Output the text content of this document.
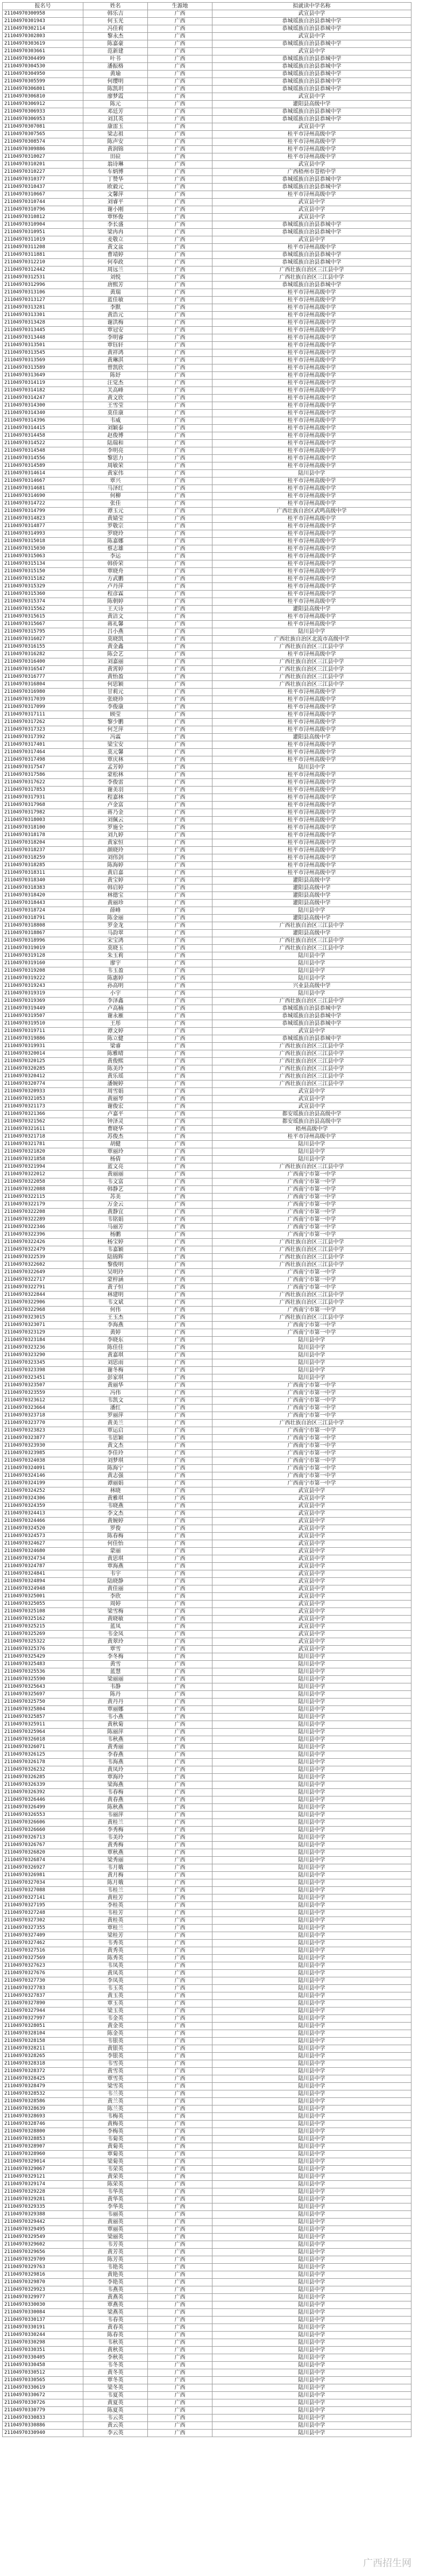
报名号	姓名	生源地	拟就读中学名称
21104970300958	韩乐吉	广西	武宣县中学
21104970301943	何玉光	广西	恭城瑶族自治县恭城中学
21104970302114	冯佳莉	广西	恭城瑶族自治县恭城中学
21104970302803	黎永杰	广西	武宣县中学
21104970303619	陈嘉豪	广西	恭城瑶族自治县恭城中学
21104970303661	范新建	广西	武宣县中学
21104970304499	叶书	广西	恭城瑶族自治县恭城中学
21104970304530	潘振格	广西	恭城瑶族自治县恭城中学
21104970304950	黄瑜	广西	恭城瑶族自治县恭城中学
21104970305599	何缨明	广西	恭城瑶族自治县恭城中学
21104970306801	陈凯玥	广西	恭城瑶族自治县恭城中学
21104970306810	廖梦霞	广西	武宣县中学
21104970306912	陈元	广西	灌阳县高级中学
21104970306933	邓廷芳	广西	恭城瑶族自治县恭城中学
21104970306953	刘其英	广西	恭城瑶族自治县恭城中学
21104970307081	康雷玉	广西	武宣县中学
21104970307565	梁志祖	广西	桂平市浔州高级中学
21104970308574	陈声安	广西	桂平市浔州高级中学
21104970309886	黄润锦	广西	桂平市浔州高级中学
21104970310027	田砬	广西	桂平市浔州高级中学
21104970310201	翁诗琳	广西	武宣县中学
21104970310227	车炳博	广西	广西梧州市苍梧中学
21104970310377	丁赞华	广西	恭城瑶族自治县恭城中学
21104970310437	欧毅元	广西	恭城瑶族自治县恭城中学
21104970310667	文馨萍	广西	桂平市浔州高级中学
21104970310744	刘睿平	广西	武宣县中学
21104970310796	谢小刚	广西	武宣县中学
21104970310812	覃怀俊	广西	武宣县中学
21104970310904	李长盛	广西	恭城瑶族自治县恭城中学
21104970310951	梁冉冉	广西	恭城瑶族自治县恭城中学
21104970311019	麦敬立	广西	武宣县中学
21104970311208	黄文盆	广西	桂平市浔州高级中学
21104970311881	曹靖婷	广西	恭城瑶族自治县恭城中学
21104970312210	何奉政	广西	恭城瑶族自治县恭城中学
21104970312442	周远兰	广西	广西壮族自治区三江县中学
21104970312531	刘悦	广西	广西壮族自治区三江县中学
21104970312996	唐熙芳	广西	恭城瑶族自治县恭城中学
21104970313106	黄瑞	广西	桂平市浔州高级中学
21104970313127	蓝佳敏	广西	桂平市浔州高级中学
21104970313281	李默	广西	桂平市浔州高级中学
21104970313301	黄浩元	广西	桂平市浔州高级中学
21104970313428	谢洪梅	广西	桂平市浔州高级中学
21104970313445	覃冠安	广西	桂平市浔州高级中学
21104970313448	李明睿	广西	桂平市浔州高级中学
21104970313501	覃钰轩	广西	桂平市浔州高级中学
21104970313545	黄祥鸿	广西	桂平市浔州高级中学
21104970313569	黄琳淇	广西	桂平市浔州高级中学
21104970313589	曾凯欣	广西	桂平市浔州高级中学
21104970313649	陈妤	广西	桂平市浔州高级中学
21104970314119	汪觉杰	广西	桂平市浔州高级中学
21104970314182	关高峰	广西	桂平市浔州高级中学
21104970314247	黄文欣	广西	桂平市浔州高级中学
21104970314300	王雪莹	广西	桂平市浔州高级中学
21104970314340	莫佳康	广西	桂平市浔州高级中学
21104970314396	韦威	广西	桂平市浔州高级中学
21104970314415	刘颖泰	广西	桂平市浔州高级中学
21104970314458	赵俊博	广西	桂平市浔州高级中学
21104970314522	陆瑞和	广西	桂平市浔州高级中学
21104970314548	李明亮	广西	桂平市浔州高级中学
21104970314556	黎思力	广西	桂平市浔州高级中学
21104970314589	周敏荣	广西	桂平市浔州高级中学
21104970314614	黄家伟	广西	陆川县中学
21104970314667	覃兴	广西	桂平市浔州高级中学
21104970314681	马泽红	广西	桂平市浔州高级中学
21104970314690	何柳	广西	桂平市浔州高级中学
21104970314722	张佳	广西	桂平市浔州高级中学
21104970314799	谭玉元	广西	广西壮族自治区武鸣高级中学
21104970314823	黄婧莹	广西	桂平市浔州高级中学
21104970314877	罗敬宗	广西	桂平市浔州高级中学
21104970314993	罗晓玲	广西	桂平市浔州高级中学
21104970315018	陈嘉娜	广西	桂平市浔州高级中学
21104970315030	蔡志雄	广西	桂平市浔州高级中学
21104970315063	李运	广西	桂平市浔州高级中学
21104970315134	韩侨荣	广西	桂平市浔州高级中学
21104970315150	覃晓舟	广西	桂平市浔州高级中学
21104970315182	方武鹏	广西	桂平市浔州高级中学
21104970315329	卢丹萍	广西	桂平市浔州高级中学
21104970315360	程彦霖	广西	桂平市浔州高级中学
21104970315374	陈朝婷	广西	桂平市浔州高级中学
21104970315562	王天诗	广西	灌阳县高级中学
21104970315615	黄洁文	广西	桂平市浔州高级中学
21104970315667	蒋礼馨	广西	桂平市浔州高级中学
21104970315795	吕小燕	广西	陆川县中学
21104970316027	莫晓凯	广西	广西壮族自治区北流市高级中学
21104970316155	黄金鑫	广西	广西壮族自治区三江县中学
21104970316282	陈会艺	广西	桂平市浔州高级中学
21104970316400	刘嘉丽	广西	广西壮族自治区三江县中学
21104970316547	黄霄婷	广西	广西壮族自治区三江县中学
21104970316777	黄怡盈	广西	广西壮族自治区三江县中学
21104970316804	何思颖	广西	广西壮族自治区三江县中学
21104970316980	甘莉元	广西	桂平市浔州高级中学
21104970317039	张晓珍	广西	桂平市浔州高级中学
21104970317099	李俊康	广西	桂平市浔州高级中学
21104970317111	顾莹	广西	桂平市浔州高级中学
21104970317262	黎少鹏	广西	桂平市浔州高级中学
21104970317323	何芝萍	广西	桂平市浔州高级中学
21104970317392	冯霖	广西	灌阳县高级中学
21104970317401	梁宝安	广西	桂平市浔州高级中学
21104970317464	莫元馨	广西	桂平市浔州高级中学
21104970317498	覃庆林	广西	桂平市浔州高级中学
21104970317547	孟芳婷	广西	陆川县中学
21104970317586	蒙松林	广西	桂平市浔州高级中学
21104970317622	李俊雷	广西	桂平市浔州高级中学
21104970317853	谢美羽	广西	桂平市浔州高级中学
21104970317931	程嘉林	广西	桂平市浔州高级中学
21104970317968	卢金富	广西	桂平市浔州高级中学
21104970317982	蒋乃金	广西	桂平市浔州高级中学
21104970318003	刘佩云	广西	桂平市浔州高级中学
21104970318100	罗施全	广西	桂平市浔州高级中学
21104970318178	刘九婷	广西	桂平市浔州高级中学
21104970318204	黄家恒	广西	桂平市浔州高级中学
21104970318237	颜晓玲	广西	桂平市浔州高级中学
21104970318259	刘伟剑	广西	桂平市浔州高级中学
21104970318285	陈海婷	广西	桂平市浔州高级中学
21104970318311	黄启嘉	广西	桂平市浔州高级中学
21104970318340	黄宝婷	广西	灌阳县高级中学
21104970318383	韩启婷	广西	灌阳县高级中学
21104970318420	林德宝	广西	灌阳县高级中学
21104970318443	黄丽珍	广西	灌阳县高级中学
21104970318724	薛峰	广西	陆川县中学
21104970318791	陈金丽	广西	灌阳县高级中学
21104970318808	罗金龙	广西	广西壮族自治区三江县中学
21104970318867	马韵翠	广西	灌阳县高级中学
21104970318996	宋宝鸿	广西	广西壮族自治区三江县中学
21104970319019	莫晓玉	广西	广西壮族自治区三江县中学
21104970319128	朱玉莉	广西	陆川县中学
21104970319160	廖宇	广西	陆川县中学
21104970319208	韦玉盈	广西	陆川县中学
21104970319222	陈惠婷	广西	陆川县中学
21104970319243	孙高明	广西	兴业县高级中学
21104970319319	小宇	广西	陆川县中学
21104970319369	李泽鑫	广西	广西壮族自治区三江县中学
21104970319449	卢高楠	广西	恭城瑶族自治县恭城中学
21104970319507	谢永雁	广西	恭城瑶族自治县恭城中学
21104970319510	王彤	广西	恭城瑶族自治县恭城中学
21104970319711	谭文婷	广西	武宣县中学
21104970319886	陈立健	广西	恭城瑶族自治县恭城中学
21104970319931	梁睿	广西	广西壮族自治区三江县中学
21104970320014	陈雅晴	广西	广西壮族自治区三江县中学
21104970320125	黄俊熙	广西	广西壮族自治区三江县中学
21104970320285	陈美玲	广西	广西壮族自治区三江县中学
21104970320412	黄乐瑶	广西	广西壮族自治区三江县中学
21104970320774	潘婉婷	广西	广西壮族自治区三江县中学
21104970320933	周雪娟	广西	武宣县中学
21104970321053	黄丽琴	广西	武宣县中学
21104970321173	谢俊宏	广西	武宣县中学
21104970321366	卢嘉平	广西	都安瑶族自治县高级中学
21104970321562	钟泽灵	广西	都安瑶族自治县高级中学
21104970321611	曹晓华	广西	梧州高级中学
21104970321718	苏俊杰	广西	桂平市浔州高级中学
21104970321781	胡健	广西	陆川县中学
21104970321820	覃丽玲	广西	陆川县中学
21104970321858	杨倩	广西	陆川县中学
21104970321994	蓝文亮	广西	广西壮族自治区三江县中学
21104970322012	黄丽丽	广西	广西南宁市第一中学
21104970322058	韦文富	广西	广西南宁市第一中学
21104970322088	韩静艺	广西	广西南宁市第一中学
21104970322115	苏美	广西	广西南宁市第一中学
21104970322179	万金云	广西	广西南宁市第一中学
21104970322208	黄静宜	广西	广西南宁市第一中学
21104970322289	韦铭娟	广西	广西南宁市第一中学
21104970322346	马丽芳	广西	广西南宁市第一中学
21104970322396	杨鹏	广西	广西南宁市第一中学
21104970322426	杨宝婷	广西	广西壮族自治区三江县中学
21104970322479	韦嘉颖	广西	广西壮族自治区三江县中学
21104970322539	陆锦辉	广西	广西壮族自治区三江县中学
21104970322602	黎俊明	广西	广西壮族自治区三江县中学
21104970322649	吴明玲	广西	广西南宁市第一中学
21104970322717	蒙梓涵	广西	广西南宁市第一中学
21104970322791	黄子恒	广西	广西南宁市第一中学
21104970322844	林建明	广西	广西壮族自治区三江县中学
21104970322906	韦文斌	广西	广西壮族自治区三江县中学
21104970322968	何伟	广西	广西南宁市第一中学
21104970323015	王玉杰	广西	广西壮族自治区三江县中学
21104970323071	李海燕	广西	广西南宁市第一中学
21104970323129	黄婷	广西	广西南宁市第一中学
21104970323184	李晓东	广西	陆川县中学
21104970323236	陈佳佳	广西	陆川县中学
21104970323290	黄嘉琪	广西	陆川县中学
21104970323345	刘思雨	广西	陆川县中学
21104970323398	谢冬梅	广西	陆川县中学
21104970323451	彭家琪	广西	陆川县中学
21104970323507	黄丽华	广西	广西南宁市第一中学
21104970323559	冯伟	广西	广西南宁市第一中学
21104970323612	韦凯文	广西	广西南宁市第一中学
21104970323664	潘红	广西	广西南宁市第一中学
21104970323718	罗丽萍	广西	广西南宁市第一中学
21104970323770	黄美兰	广西	广西壮族自治区三江县中学
21104970323823	覃运启	广西	广西南宁市第一中学
21104970323877	韦思颖	广西	广西南宁市第一中学
21104970323930	黄文杰	广西	广西南宁市第一中学
21104970323985	李佳玲	广西	广西南宁市第一中学
21104970324038	刘梦琪	广西	广西南宁市第一中学
21104970324091	陈海宁	广西	广西南宁市第一中学
21104970324146	黄志强	广西	广西南宁市第一中学
21104970324199	谭丽娟	广西	广西南宁市第一中学
21104970324252	林晓	广西	武宣县中学
21104970324306	黄雅琪	广西	武宣县中学
21104970324359	韦晓燕	广西	武宣县中学
21104970324413	李文杰	广西	武宣县中学
21104970324466	黄婉婷	广西	武宣县中学
21104970324520	罗俊	广西	武宣县中学
21104970324573	陈春梅	广西	武宣县中学
21104970324627	何佳怡	广西	武宣县中学
21104970324680	蒙丽	广西	武宣县中学
21104970324734	黄思琪	广西	武宣县中学
21104970324787	覃海燕	广西	武宣县中学
21104970324841	韦宇	广西	武宣县中学
21104970324894	陆晓静	广西	武宣县中学
21104970324948	黄佳丽	广西	武宣县中学
21104970325001	李欣	广西	武宣县中学
21104970325055	周婷	广西	武宣县中学
21104970325108	梁雪梅	广西	武宣县中学
21104970325162	黄晓敏	广西	武宣县中学
21104970325215	蓝凤	广西	武宣县中学
21104970325269	韦金凤	广西	武宣县中学
21104970325322	黄翠玲	广西	武宣县中学
21104970325376	覃雪	广西	武宣县中学
21104970325429	李冬梅	广西	陆川县中学
21104970325483	黄雪	广西	陆川县中学
21104970325536	蓝慧	广西	陆川县中学
21104970325590	梁丽丽	广西	陆川县中学
21104970325643	韦静	广西	陆川县中学
21104970325697	陈丹	广西	陆川县中学
21104970325750	黄丹丹	广西	陆川县中学
21104970325804	覃丽娜	广西	陆川县中学
21104970325857	韦小燕	广西	陆川县中学
21104970325911	黄秋菊	广西	陆川县中学
21104970325964	陈丽萍	广西	陆川县中学
21104970326018	韦秋燕	广西	陆川县中学
21104970326071	黄秀丽	广西	陆川县中学
21104970326125	李春燕	广西	陆川县中学
21104970326178	韦海燕	广西	陆川县中学
21104970326232	黄凤玲	广西	陆川县中学
21104970326285	覃海玲	广西	陆川县中学
21104970326339	梁海燕	广西	陆川县中学
21104970326392	韦春梅	广西	陆川县中学
21104970326446	黄春燕	广西	陆川县中学
21104970326499	陈秋燕	广西	陆川县中学
21104970326553	韦丽萍	广西	陆川县中学
21104970326606	黄桂兰	广西	陆川县中学
21104970326660	李秀梅	广西	陆川县中学
21104970326713	韦美玲	广西	陆川县中学
21104970326767	黄秀梅	广西	陆川县中学
21104970326820	覃秋燕	广西	陆川县中学
21104970326874	梁秀丽	广西	陆川县中学
21104970326927	韦月娥	广西	陆川县中学
21104970326981	黄月梅	广西	陆川县中学
21104970327034	陈月娥	广西	陆川县中学
21104970327088	韦桂兰	广西	陆川县中学
21104970327141	黄桂芳	广西	陆川县中学
21104970327195	李桂英	广西	陆川县中学
21104970327248	韦桂芳	广西	陆川县中学
21104970327302	黄桂英	广西	陆川县中学
21104970327355	覃桂兰	广西	陆川县中学
21104970327409	梁桂芳	广西	陆川县中学
21104970327462	韦秀英	广西	陆川县中学
21104970327516	黄秀英	广西	陆川县中学
21104970327569	陈秀英	广西	陆川县中学
21104970327623	韦凤英	广西	陆川县中学
21104970327676	黄凤英	广西	陆川县中学
21104970327730	李凤英	广西	陆川县中学
21104970327783	韦玉英	广西	陆川县中学
21104970327837	黄玉英	广西	陆川县中学
21104970327890	覃玉英	广西	陆川县中学
21104970327944	梁玉英	广西	陆川县中学
21104970327997	韦金英	广西	陆川县中学
21104970328051	黄金英	广西	陆川县中学
21104970328104	陈金英	广西	陆川县中学
21104970328158	韦银英	广西	陆川县中学
21104970328211	黄银英	广西	陆川县中学
21104970328265	李银英	广西	陆川县中学
21104970328318	韦雪英	广西	陆川县中学
21104970328372	黄雪英	广西	陆川县中学
21104970328425	覃雪英	广西	陆川县中学
21104970328479	梁雪英	广西	陆川县中学
21104970328532	韦兰英	广西	陆川县中学
21104970328586	黄兰英	广西	陆川县中学
21104970328639	陈兰英	广西	陆川县中学
21104970328693	韦梅英	广西	陆川县中学
21104970328746	黄梅英	广西	陆川县中学
21104970328800	李梅英	广西	陆川县中学
21104970328853	韦菊英	广西	陆川县中学
21104970328907	黄菊英	广西	陆川县中学
21104970328960	覃菊英	广西	陆川县中学
21104970329014	梁菊英	广西	陆川县中学
21104970329067	韦荣英	广西	陆川县中学
21104970329121	黄荣英	广西	陆川县中学
21104970329174	陈荣英	广西	陆川县中学
21104970329228	韦华英	广西	陆川县中学
21104970329281	黄华英	广西	陆川县中学
21104970329335	李华英	广西	陆川县中学
21104970329388	韦丽英	广西	陆川县中学
21104970329442	黄丽英	广西	陆川县中学
21104970329495	覃丽英	广西	陆川县中学
21104970329549	梁丽英	广西	陆川县中学
21104970329602	韦芳英	广西	陆川县中学
21104970329656	黄芳英	广西	陆川县中学
21104970329709	陈芳英	广西	陆川县中学
21104970329763	韦艳英	广西	陆川县中学
21104970329816	黄艳英	广西	陆川县中学
21104970329870	李艳英	广西	陆川县中学
21104970329923	韦燕英	广西	陆川县中学
21104970329977	黄燕英	广西	陆川县中学
21104970330030	覃燕英	广西	陆川县中学
21104970330084	梁燕英	广西	陆川县中学
21104970330137	韦春英	广西	陆川县中学
21104970330191	黄春英	广西	陆川县中学
21104970330244	陈春英	广西	陆川县中学
21104970330298	韦秋英	广西	陆川县中学
21104970330351	黄秋英	广西	陆川县中学
21104970330405	李秋英	广西	陆川县中学
21104970330458	韦冬英	广西	陆川县中学
21104970330512	黄冬英	广西	陆川县中学
21104970330565	覃冬英	广西	陆川县中学
21104970330619	梁冬英	广西	陆川县中学
21104970330672	韦夏英	广西	陆川县中学
21104970330726	黄夏英	广西	陆川县中学
21104970330779	陈夏英	广西	陆川县中学
21104970330833	韦云英	广西	陆川县中学
21104970330886	黄云英	广西	陆川县中学
21104970330940	李云英	广西	陆川县中学
广西招生网
